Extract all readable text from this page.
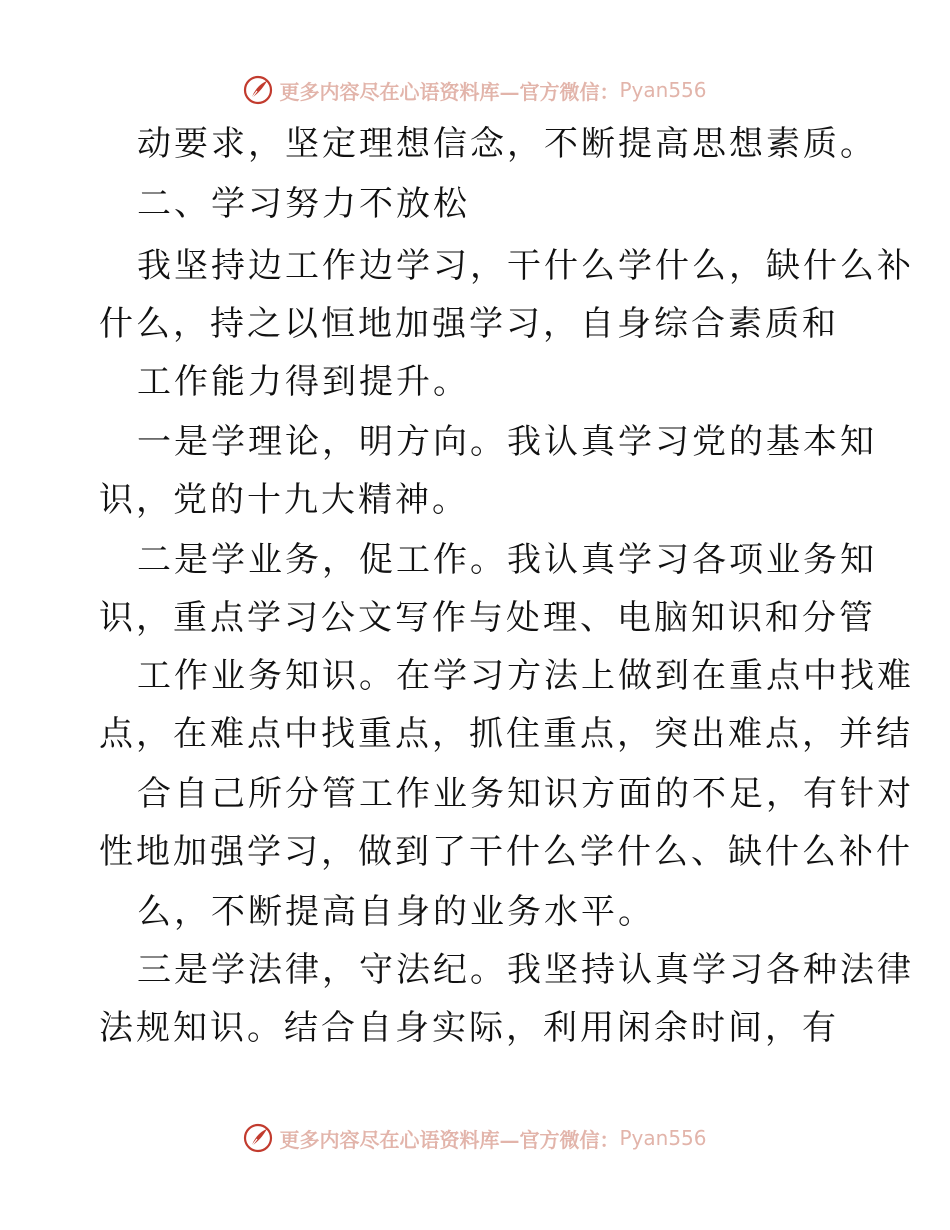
更多内容尽在心语资料库—官方微信： Pyan556
动要求，坚定理想信念，不断提高思想素质。
二、学习努力不放松
我坚持边工作边学习，干什么学什么，缺什么补
什么，持之以恒地加强学习，自身综合素质和
工作能力得到提升。
一是学理论，明方向。我认真学习党的基本知
识，党的十九大精神。
二是学业务，促工作。我认真学习各项业务知
识，重点学习公文写作与处理、电脑知识和分管
工作业务知识。在学习方法上做到在重点中找难
点，在难点中找重点，抓住重点，突出难点，并结
合自己所分管工作业务知识方面的不足，有针对
性地加强学习，做到了干什么学什么、缺什么补什
么，不断提高自身的业务水平。
三是学法律，守法纪。我坚持认真学习各种法律
法规知识。结合自身实际，利用闲余时间，有
更多内容尽在心语资料库—官方微信： Pyan556
